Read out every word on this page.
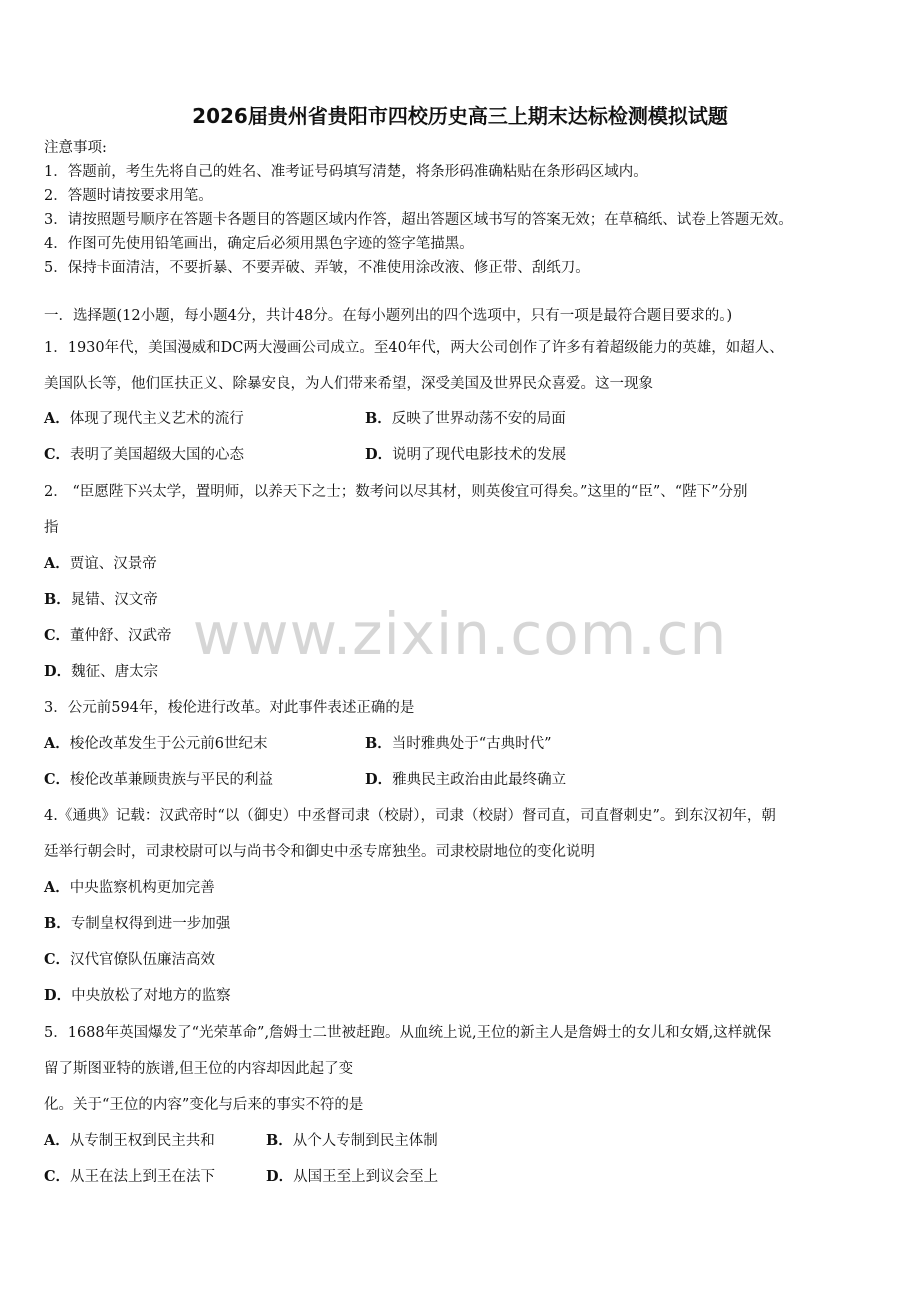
2026届贵州省贵阳市四校历史高三上期末达标检测模拟试题
注意事项:
1．答题前，考生先将自己的姓名、准考证号码填写清楚，将条形码准确粘贴在条形码区域内。
2．答题时请按要求用笔。
3．请按照题号顺序在答题卡各题目的答题区域内作答，超出答题区域书写的答案无效；在草稿纸、试卷上答题无效。
4．作图可先使用铅笔画出，确定后必须用黑色字迹的签字笔描黑。
5．保持卡面清洁，不要折暴、不要弄破、弄皱，不准使用涂改液、修正带、刮纸刀。
一．选择题(12小题，每小题4分，共计48分。在每小题列出的四个选项中，只有一项是最符合题目要求的。)
1．1930年代，美国漫威和DC两大漫画公司成立。至40年代，两大公司创作了许多有着超级能力的英雄，如超人、
美国队长等，他们匡扶正义、除暴安良，为人们带来希望，深受美国及世界民众喜爱。这一现象
A．体现了现代主义艺术的流行	B．反映了世界动荡不安的局面
C．表明了美国超级大国的心态	D．说明了现代电影技术的发展
2． “臣愿陛下兴太学，置明师，以养天下之士；数考问以尽其材，则英俊宜可得矣。”这里的“臣”、“陛下”分别
指
A．贾谊、汉景帝
B．晁错、汉文帝
C．董仲舒、汉武帝
D．魏征、唐太宗
www.zixin.com.cn
3．公元前594年，梭伦进行改革。对此事件表述正确的是
A．梭伦改革发生于公元前6世纪末	B．当时雅典处于“古典时代”
C．梭伦改革兼顾贵族与平民的利益	D．雅典民主政治由此最终确立
4.《通典》记载：汉武帝时“以（御史）中丞督司隶（校尉），司隶（校尉）督司直，司直督刺史”。到东汉初年，朝
廷举行朝会时，司隶校尉可以与尚书令和御史中丞专席独坐。司隶校尉地位的变化说明
A．中央监察机构更加完善
B．专制皇权得到进一步加强
C．汉代官僚队伍廉洁高效
D．中央放松了对地方的监察
5．1688年英国爆发了“光荣革命”,詹姆士二世被赶跑。从血统上说,王位的新主人是詹姆士的女儿和女婿,这样就保
留了斯图亚特的族谱,但王位的内容却因此起了变
化。关于“王位的内容”变化与后来的事实不符的是
A．从专制王权到民主共和	B．从个人专制到民主体制
C．从王在法上到王在法下	D．从国王至上到议会至上
